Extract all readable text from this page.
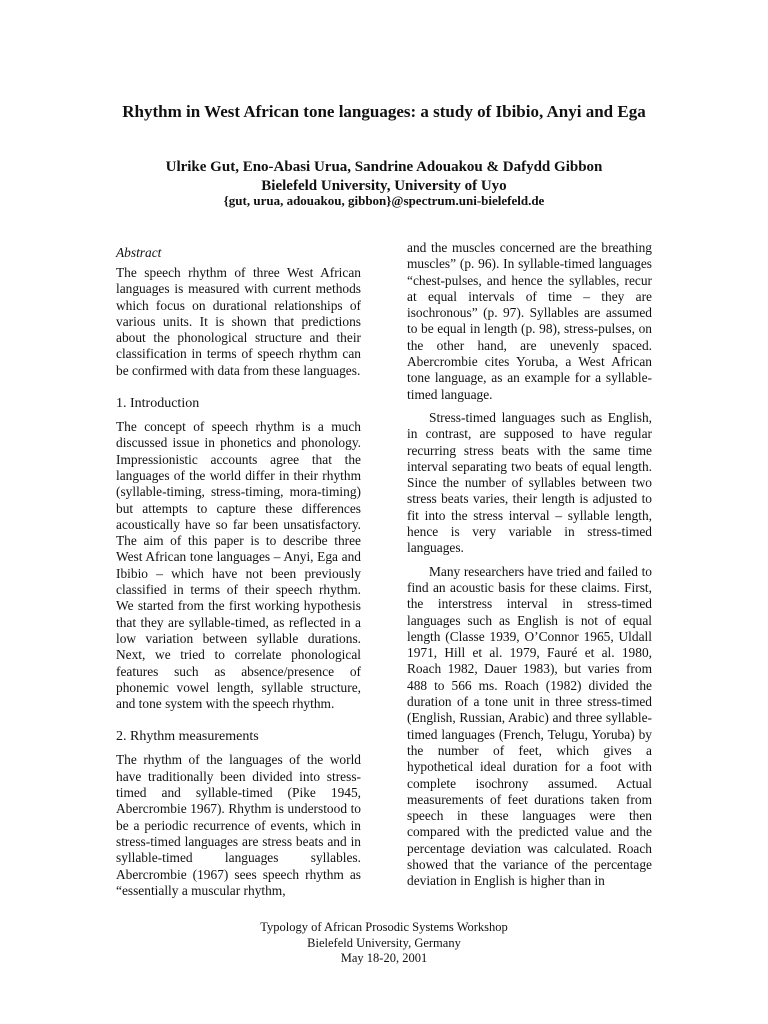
Rhythm in West African tone languages: a study of Ibibio, Anyi and Ega
Ulrike Gut, Eno-Abasi Urua, Sandrine Adouakou & Dafydd Gibbon
Bielefeld University, University of Uyo
{gut, urua, adouakou, gibbon}@spectrum.uni-bielefeld.de
Abstract

The speech rhythm of three West African languages is measured with current methods which focus on durational relationships of various units. It is shown that predictions about the phonological structure and their classification in terms of speech rhythm can be confirmed with data from these languages.

1. Introduction

The concept of speech rhythm is a much discussed issue in phonetics and phonology. Impressionistic accounts agree that the languages of the world differ in their rhythm (syllable-timing, stress-timing, mora-timing) but attempts to capture these differences acoustically have so far been unsatisfactory. The aim of this paper is to describe three West African tone languages – Anyi, Ega and Ibibio – which have not been previously classified in terms of their speech rhythm. We started from the first working hypothesis that they are syllable-timed, as reflected in a low variation between syllable durations. Next, we tried to correlate phonological features such as absence/presence of phonemic vowel length, syllable structure, and tone system with the speech rhythm.

2. Rhythm measurements

The rhythm of the languages of the world have traditionally been divided into stress-timed and syllable-timed (Pike 1945, Abercrombie 1967). Rhythm is understood to be a periodic recurrence of events, which in stress-timed languages are stress beats and in syllable-timed languages syllables. Abercrombie (1967) sees speech rhythm as “essentially a muscular rhythm,

and the muscles concerned are the breathing muscles” (p. 96). In syllable-timed languages “chest-pulses, and hence the syllables, recur at equal intervals of time – they are isochronous” (p. 97). Syllables are assumed to be equal in length (p. 98), stress-pulses, on the other hand, are unevenly spaced. Abercrombie cites Yoruba, a West African tone language, as an example for a syllable-timed language.

Stress-timed languages such as English, in contrast, are supposed to have regular recurring stress beats with the same time interval separating two beats of equal length. Since the number of syllables between two stress beats varies, their length is adjusted to fit into the stress interval – syllable length, hence is very variable in stress-timed languages.

Many researchers have tried and failed to find an acoustic basis for these claims. First, the interstress interval in stress-timed languages such as English is not of equal length (Classe 1939, O’Connor 1965, Uldall 1971, Hill et al. 1979, Fauré et al. 1980, Roach 1982, Dauer 1983), but varies from 488 to 566 ms. Roach (1982) divided the duration of a tone unit in three stress-timed (English, Russian, Arabic) and three syllable-timed languages (French, Telugu, Yoruba) by the number of feet, which gives a hypothetical ideal duration for a foot with complete isochrony assumed. Actual measurements of feet durations taken from speech in these languages were then compared with the predicted value and the percentage deviation was calculated. Roach showed that the variance of the percentage deviation in English is higher than in

Typology of African Prosodic Systems Workshop
Bielefeld University, Germany
May 18-20, 2001
